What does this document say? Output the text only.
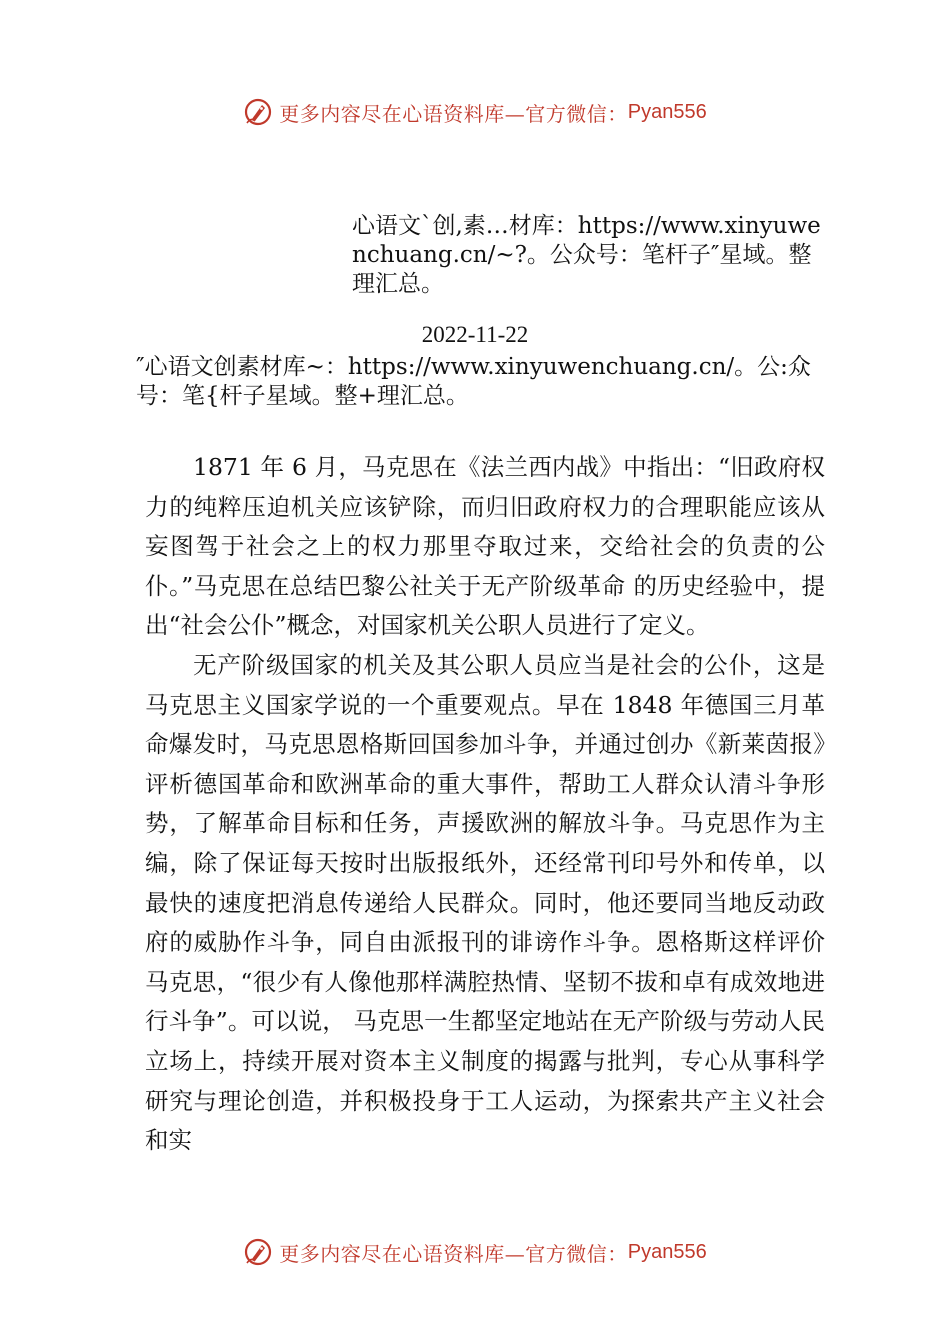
更多内容尽在心语资料库—官方微信： Pyan556

心语文`创,素…材库：https://www.xinyuwenchuang.cn/~?。公众号：笔杆子″星域。整理汇总。

2022-11-22

″心语文创素材库~：https://www.xinyuwenchuang.cn/。公:众号：笔{杆子星域。整+理汇总。

1871 年 6 月，马克思在《法兰西内战》中指出：“旧政府权力的纯粹压迫机关应该铲除，而归旧政府权力的合理职能应该从妄图驾于社会之上的权力那里夺取过来，交给社会的负责的公仆。”马克思在总结巴黎公社关于无产阶级革命 的历史经验中，提出“社会公仆”概念，对国家机关公职人员进行了定义。

无产阶级国家的机关及其公职人员应当是社会的公仆，这是马克思主义国家学说的一个重要观点。早在 1848 年德国三月革命爆发时，马克思恩格斯回国参加斗争，并通过创办《新莱茵报》评析德国革命和欧洲革命的重大事件，帮助工人群众认清斗争形势，了解革命目标和任务，声援欧洲的解放斗争。马克思作为主编，除了保证每天按时出版报纸外，还经常刊印号外和传单，以最快的速度把消息传递给人民群众。同时，他还要同当地反动政府的威胁作斗争，同自由派报刊的诽谤作斗争。恩格斯这样评价马克思，“很少有人像他那样满腔热情、坚韧不拔和卓有成效地进行斗争”。可以说， 马克思一生都坚定地站在无产阶级与劳动人民立场上，持续开展对资本主义制度的揭露与批判，专心从事科学研究与理论创造，并积极投身于工人运动，为探索共产主义社会和实

更多内容尽在心语资料库—官方微信： Pyan556
